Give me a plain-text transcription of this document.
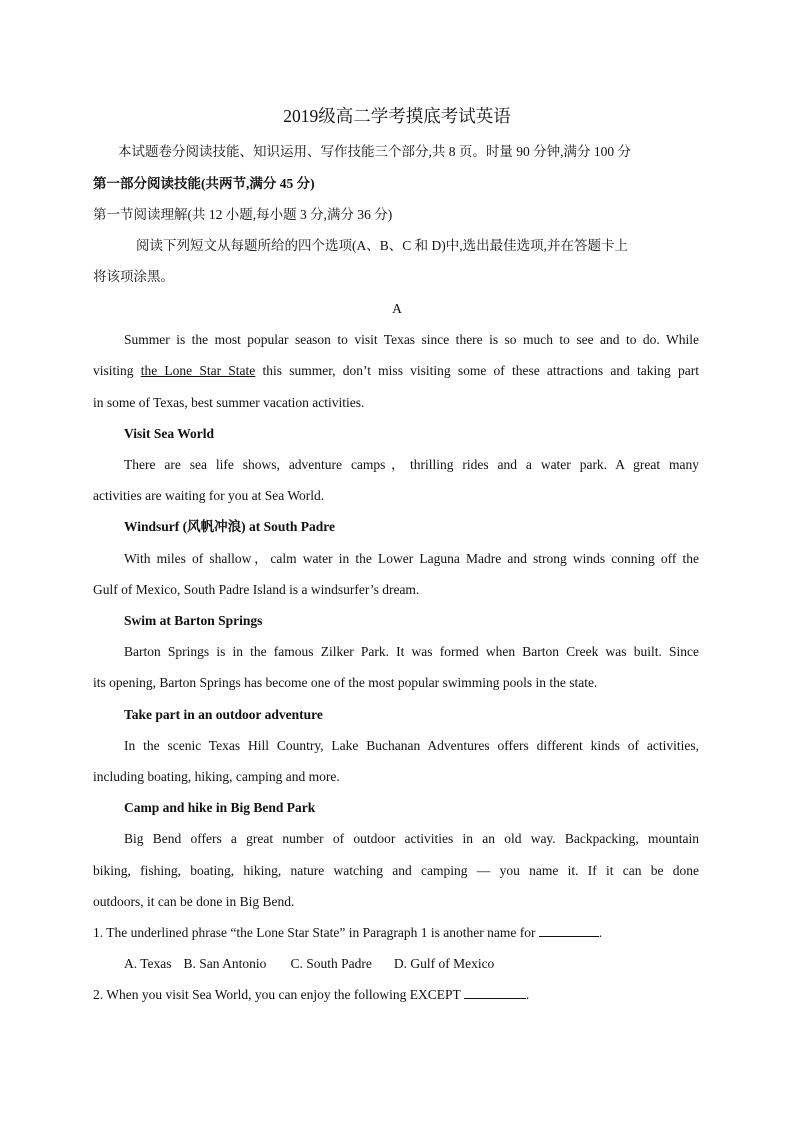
2019级高二学考摸底考试英语
本试题卷分阅读技能、知识运用、写作技能三个部分,共 8 页。时量 90 分钟,满分 100 分
第一部分阅读技能(共两节,满分 45 分)
第一节阅读理解(共 12 小题,每小题 3 分,满分 36 分)
阅读下列短文从每题所给的四个选项(A、B、C 和 D)中,选出最佳选项,并在答题卡上
将该项涂黑。
A
Summer is the most popular season to visit Texas since there is so much to see and to do. While
visiting the Lone Star State this summer, don’t miss visiting some of these attractions and taking part
in some of Texas, best summer vacation activities.
Visit Sea World
There are sea life shows, adventure camps，thrilling rides and a water park. A great many
activities are waiting for you at Sea World.
Windsurf (风帆冲浪) at South Padre
With miles of shallow，calm water in the Lower Laguna Madre and strong winds conning off the
Gulf of Mexico, South Padre Island is a windsurfer’s dream.
Swim at Barton Springs
Barton Springs is in the famous Zilker Park. It was formed when Barton Creek was built. Since
its opening, Barton Springs has become one of the most popular swimming pools in the state.
Take part in an outdoor adventure
In the scenic Texas Hill Country, Lake Buchanan Adventures offers different kinds of activities,
including boating, hiking, camping and more.
Camp and hike in Big Bend Park
Big Bend offers a great number of outdoor activities in an old way. Backpacking, mountain
biking, fishing, boating, hiking, nature watching and camping — you name it. If it can be done
outdoors, it can be done in Big Bend.
1. The underlined phrase “the Lone Star State” in Paragraph 1 is another name for	.
A. Texas B. San Antonio C. South Padre D. Gulf of Mexico
2. When you visit Sea World, you can enjoy the following EXCEPT	.
